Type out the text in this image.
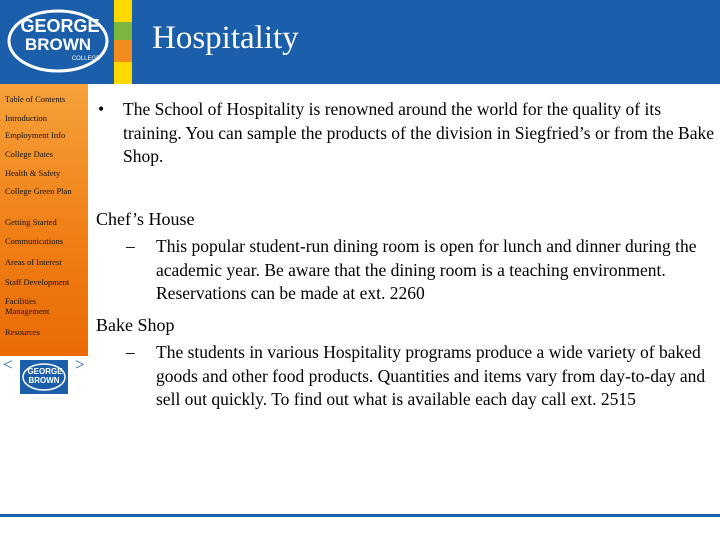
GEORGE
BROWN
COLLEGE
Hospitality
Table of Contents
Introduction
Employment Info
College Dates
Health & Safety
College Green Plan
Getting Started
Communications
Areas of Interest
Staff Development
Facilities Management
Resources
< GEORGE
BROWN
>
• The School of Hospitality is renowned around the world for the quality of its training. You can sample the products of the division in Siegfried’s or from the Bake Shop.
Chef’s House
– This popular student-run dining room is open for lunch and dinner during the academic year. Be aware that the dining room is a teaching environment. Reservations can be made at ext. 2260
Bake Shop
– The students in various Hospitality programs produce a wide variety of baked goods and other food products. Quantities and items vary from day-to-day and sell out quickly. To find out what is available each day call ext. 2515
